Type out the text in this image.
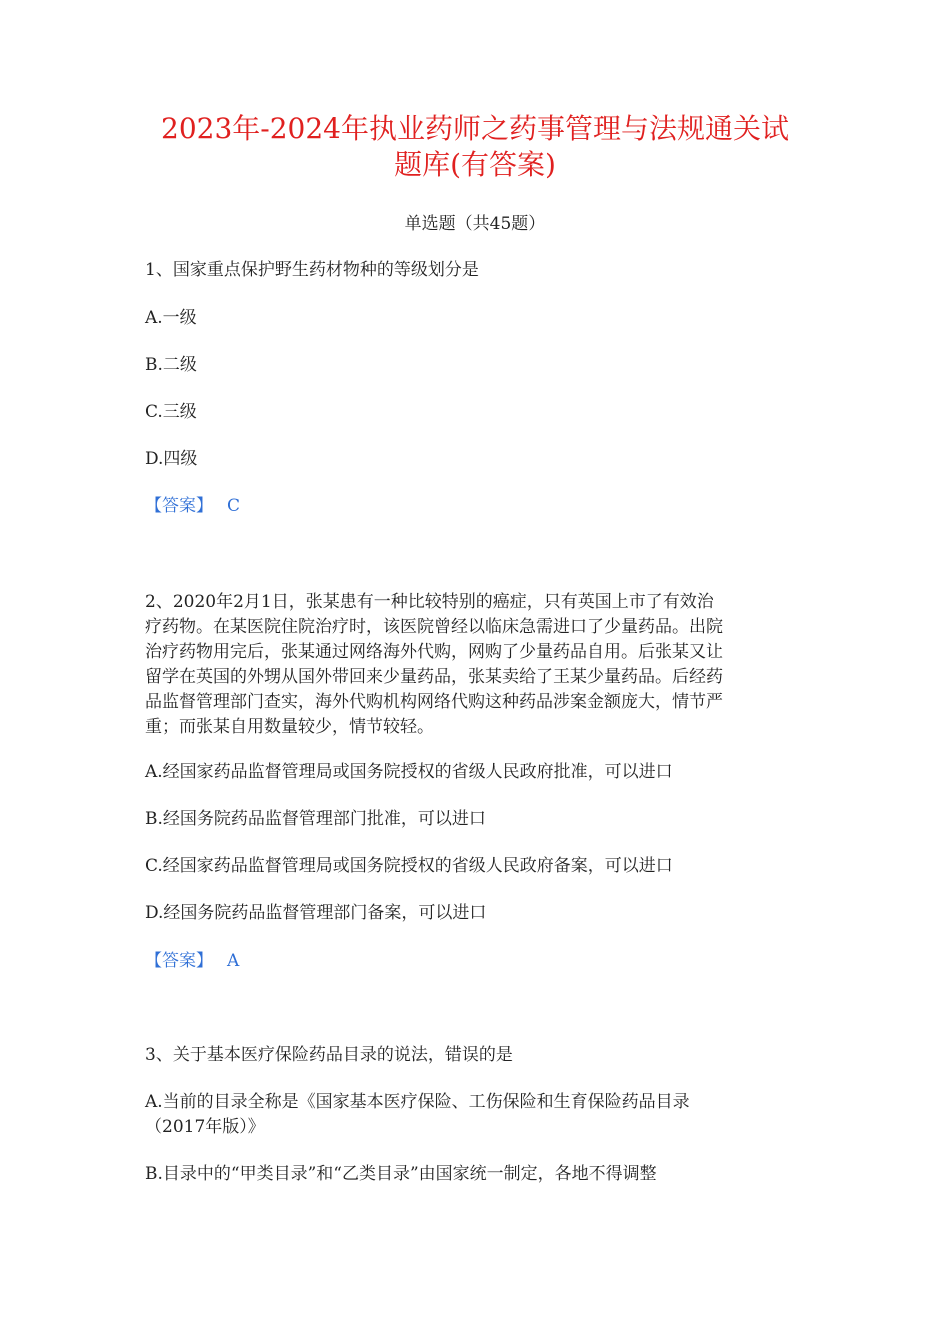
2023年-2024年执业药师之药事管理与法规通关试
题库(有答案)
单选题（共45题）
1、国家重点保护野生药材物种的等级划分是
A.一级
B.二级
C.三级
D.四级
【答案】 C
2、2020年2月1日，张某患有一种比较特别的癌症，只有英国上市了有效治
疗药物。在某医院住院治疗时，该医院曾经以临床急需进口了少量药品。出院
治疗药物用完后，张某通过网络海外代购，网购了少量药品自用。后张某又让
留学在英国的外甥从国外带回来少量药品，张某卖给了王某少量药品。后经药
品监督管理部门查实，海外代购机构网络代购这种药品涉案金额庞大，情节严
重；而张某自用数量较少，情节较轻。
A.经国家药品监督管理局或国务院授权的省级人民政府批准，可以进口
B.经国务院药品监督管理部门批准，可以进口
C.经国家药品监督管理局或国务院授权的省级人民政府备案，可以进口
D.经国务院药品监督管理部门备案，可以进口
【答案】 A
3、关于基本医疗保险药品目录的说法，错误的是
A.当前的目录全称是《国家基本医疗保险、工伤保险和生育保险药品目录
（2017年版）》
B.目录中的“甲类目录”和“乙类目录”由国家统一制定，各地不得调整
